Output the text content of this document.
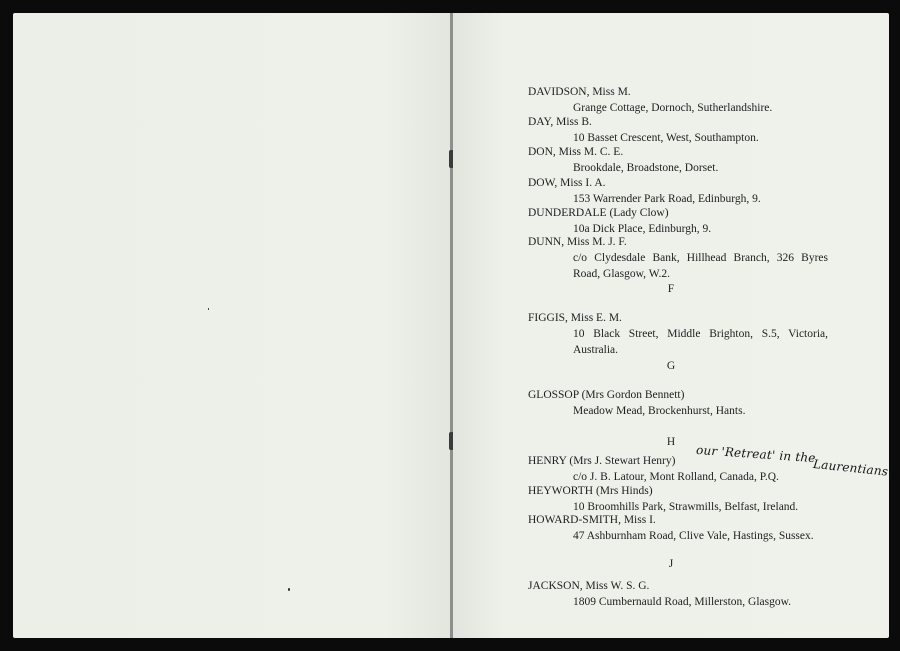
DAVIDSON, Miss M.
Grange Cottage, Dornoch, Sutherlandshire.
DAY, Miss B.
10 Basset Crescent, West, Southampton.
DON, Miss M. C. E.
Brookdale, Broadstone, Dorset.
DOW, Miss I. A.
153 Warrender Park Road, Edinburgh, 9.
DUNDERDALE (Lady Clow)
10a Dick Place, Edinburgh, 9.
DUNN, Miss M. J. F.
c/o Clydesdale Bank, Hillhead Branch, 326 Byres Road, Glasgow, W.2.
F
FIGGIS, Miss E. M.
10 Black Street, Middle Brighton, S.5, Victoria, Australia.
G
GLOSSOP (Mrs Gordon Bennett)
Meadow Mead, Brockenhurst, Hants.
H
HENRY (Mrs J. Stewart Henry)
c/o J. B. Latour, Mont Rolland, Canada, P.Q.
HEYWORTH (Mrs Hinds)
10 Broomhills Park, Strawmills, Belfast, Ireland.
HOWARD-SMITH, Miss I.
47 Ashburnham Road, Clive Vale, Hastings, Sussex.
J
JACKSON, Miss W. S. G.
1809 Cumbernauld Road, Millerston, Glasgow.
our 'Retreat' in the
Laurentians.
